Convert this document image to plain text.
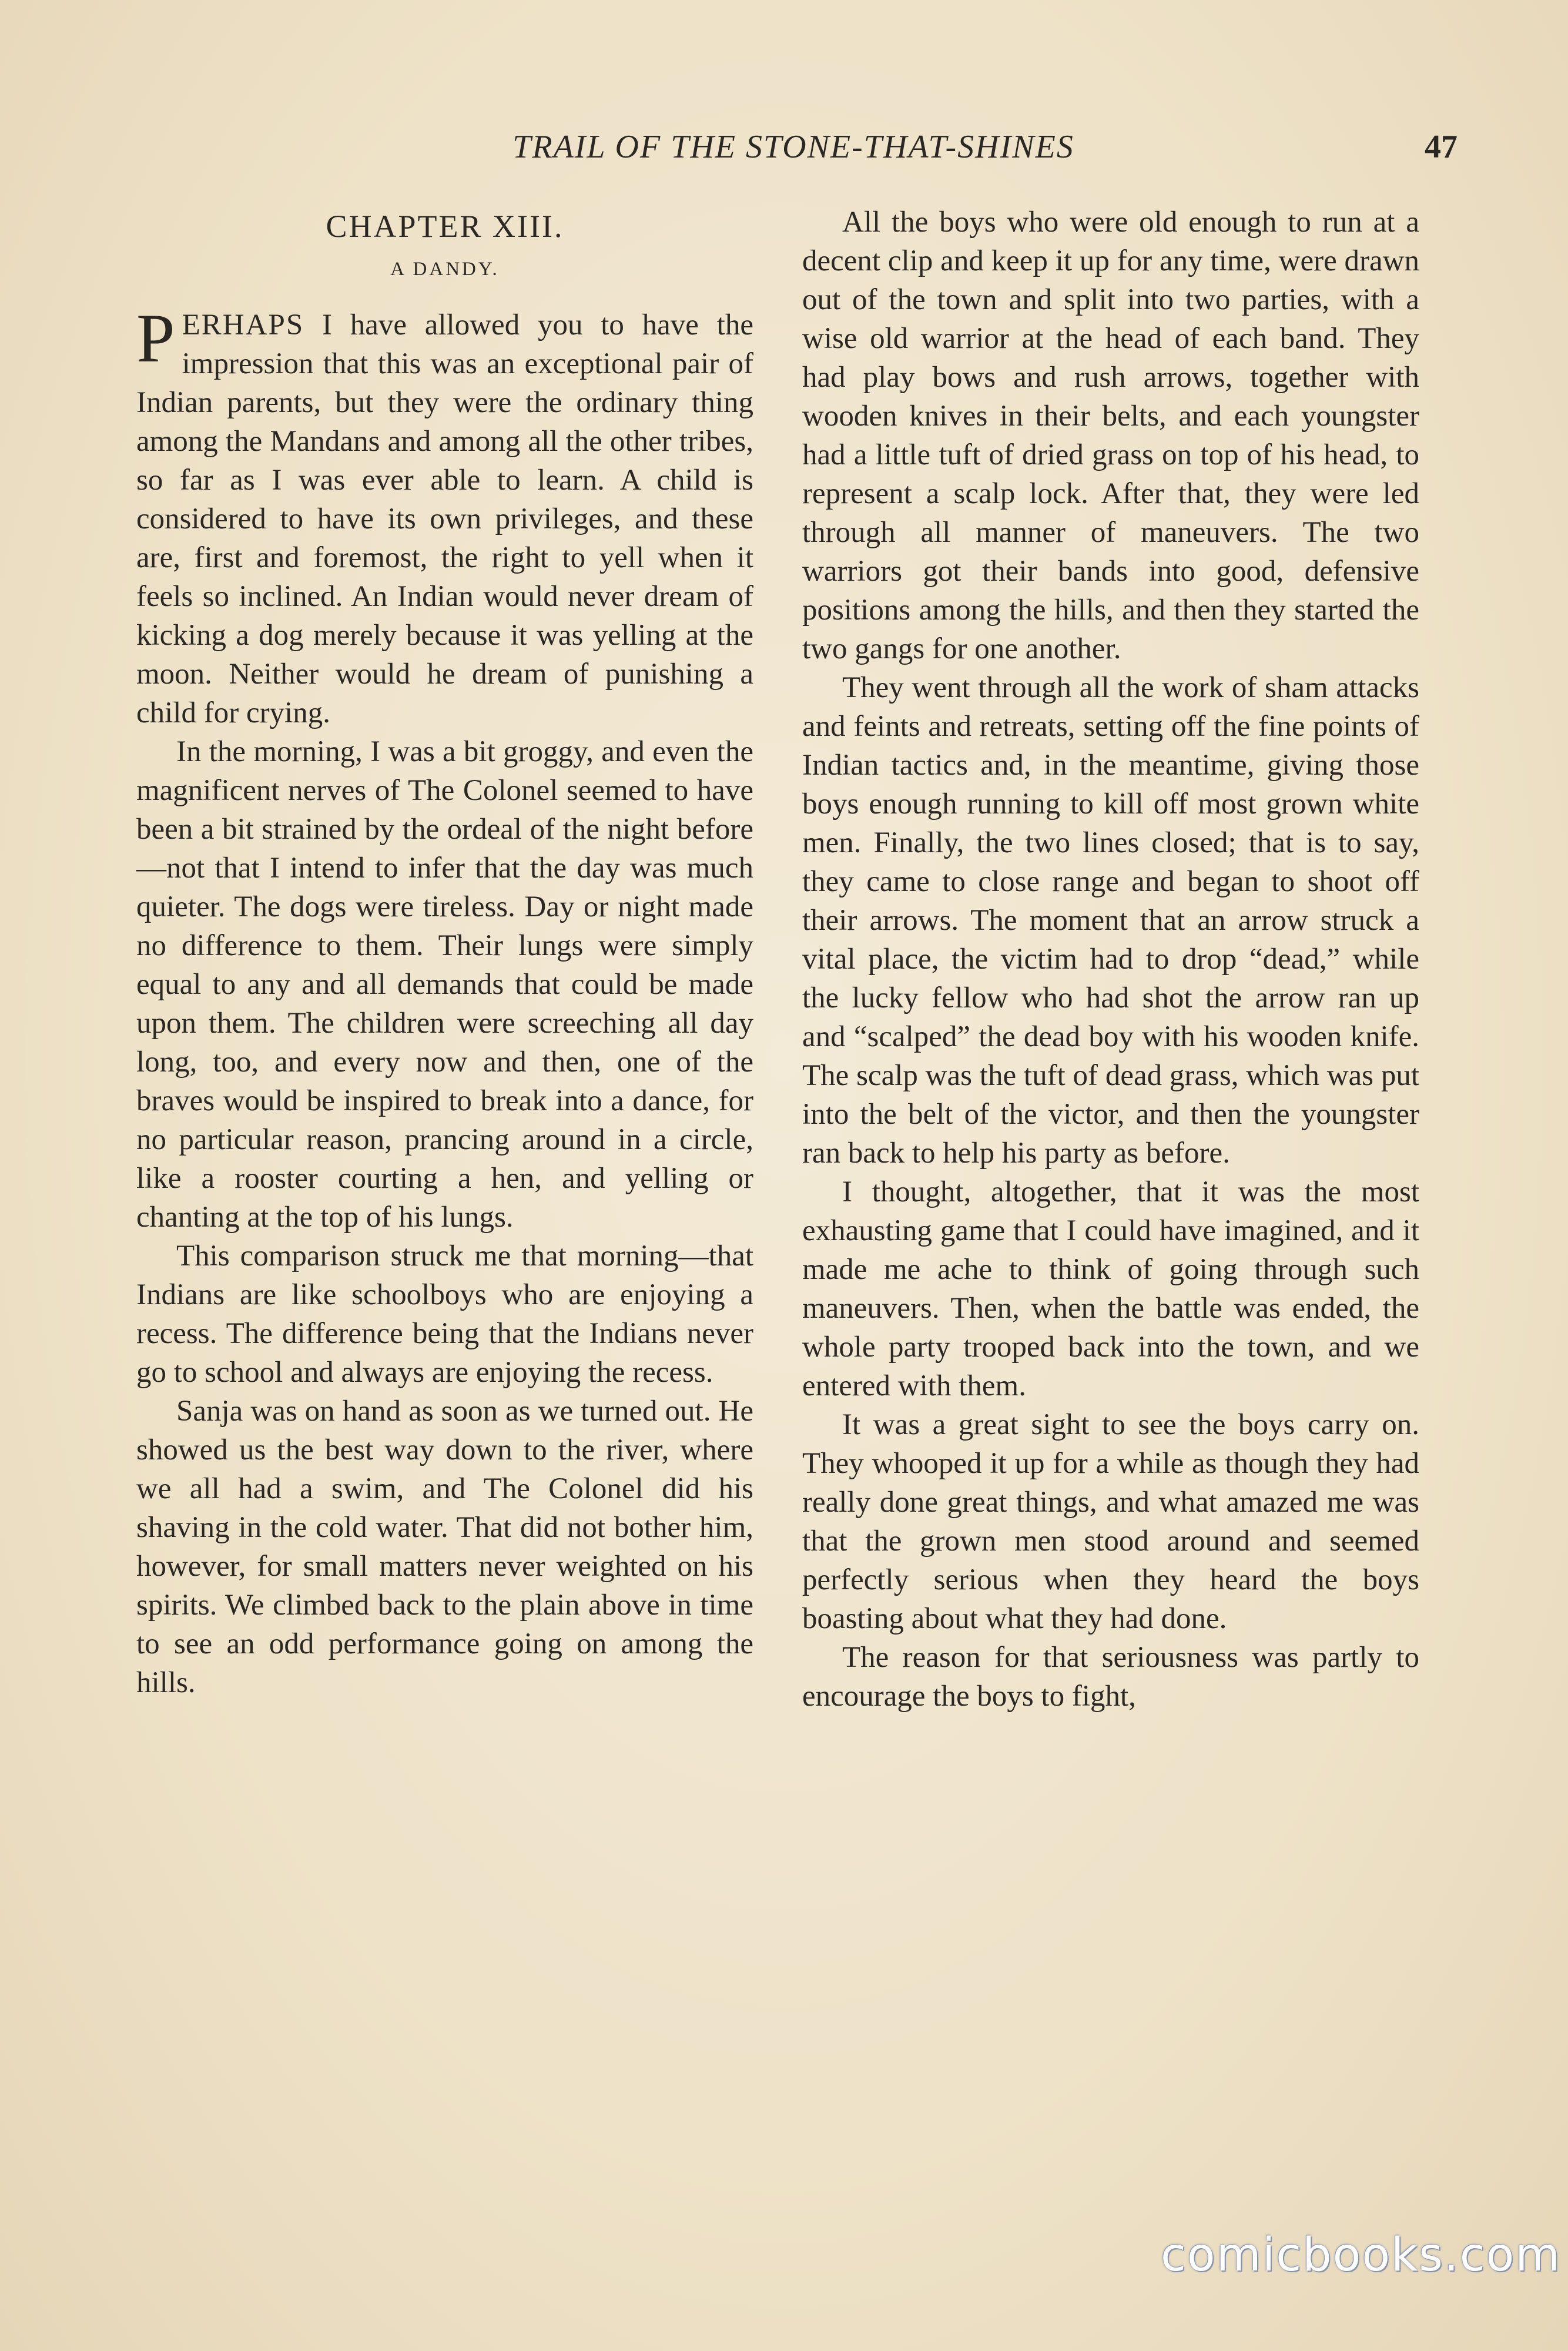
TRAIL OF THE STONE-THAT-SHINES	47
CHAPTER XIII.
A DANDY.

PERHAPS I have allowed you to have the impression that this was an exceptional pair of Indian parents, but they were the ordinary thing among the Mandans and among all the other tribes, so far as I was ever able to learn. A child is considered to have its own privileges, and these are, first and foremost, the right to yell when it feels so inclined. An Indian would never dream of kicking a dog merely because it was yelling at the moon. Neither would he dream of punishing a child for crying.

In the morning, I was a bit groggy, and even the magnificent nerves of The Colonel seemed to have been a bit strained by the ordeal of the night before—not that I intend to infer that the day was much quieter. The dogs were tireless. Day or night made no difference to them. Their lungs were simply equal to any and all demands that could be made upon them. The children were screeching all day long, too, and every now and then, one of the braves would be inspired to break into a dance, for no particular reason, prancing around in a circle, like a rooster courting a hen, and yelling or chanting at the top of his lungs.

This comparison struck me that morning—that Indians are like schoolboys who are enjoying a recess. The difference being that the Indians never go to school and always are enjoying the recess.

Sanja was on hand as soon as we turned out. He showed us the best way down to the river, where we all had a swim, and The Colonel did his shaving in the cold water. That did not bother him, however, for small matters never weighted on his spirits. We climbed back to the plain above in time to see an odd performance going on among the hills.

All the boys who were old enough to run at a decent clip and keep it up for any time, were drawn out of the town and split into two parties, with a wise old warrior at the head of each band. They had play bows and rush arrows, together with wooden knives in their belts, and each youngster had a little tuft of dried grass on top of his head, to represent a scalp lock. After that, they were led through all manner of maneuvers. The two warriors got their bands into good, defensive positions among the hills, and then they started the two gangs for one another.

They went through all the work of sham attacks and feints and retreats, setting off the fine points of Indian tactics and, in the meantime, giving those boys enough running to kill off most grown white men. Finally, the two lines closed; that is to say, they came to close range and began to shoot off their arrows. The moment that an arrow struck a vital place, the victim had to drop “dead,” while the lucky fellow who had shot the arrow ran up and “scalped” the dead boy with his wooden knife. The scalp was the tuft of dead grass, which was put into the belt of the victor, and then the youngster ran back to help his party as before.

I thought, altogether, that it was the most exhausting game that I could have imagined, and it made me ache to think of going through such maneuvers. Then, when the battle was ended, the whole party trooped back into the town, and we entered with them.

It was a great sight to see the boys carry on. They whooped it up for a while as though they had really done great things, and what amazed me was that the grown men stood around and seemed perfectly serious when they heard the boys boasting about what they had done.

The reason for that seriousness was partly to encourage the boys to fight,

comicbooks.com
